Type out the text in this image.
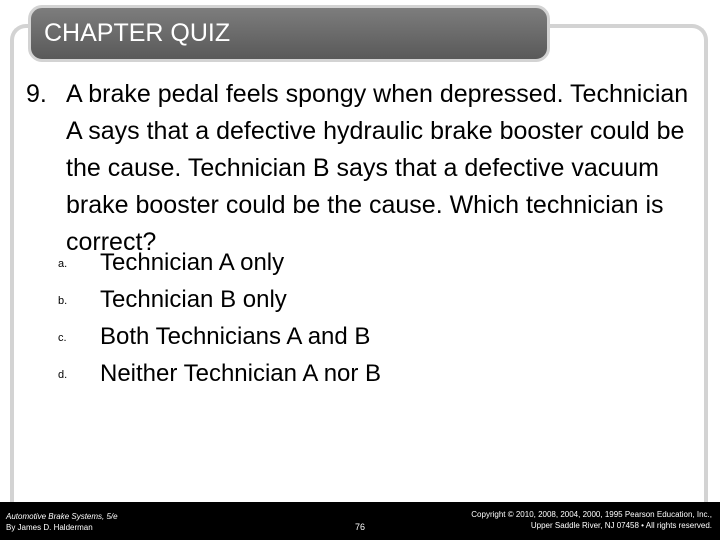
CHAPTER QUIZ
9. A brake pedal feels spongy when depressed. Technician A says that a defective hydraulic brake booster could be the cause. Technician B says that a defective vacuum brake booster could be the cause. Which technician is correct?
a. Technician A only
b. Technician B only
c. Both Technicians A and B
d. Neither Technician A nor B
Automotive Brake Systems, 5/e
By James D. Halderman	76
Copyright © 2010, 2008, 2004, 2000, 1995 Pearson Education, Inc.,
Upper Saddle River, NJ 07458 • All rights reserved.
